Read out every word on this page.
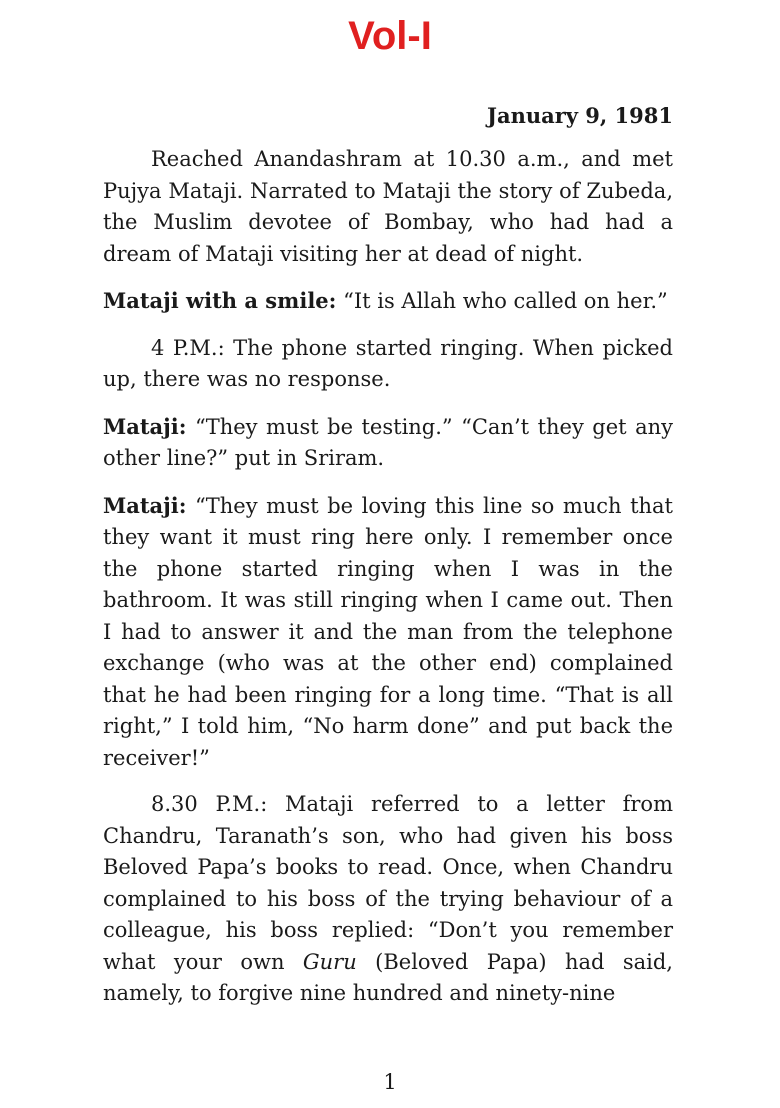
Vol-I
January 9, 1981

Reached Anandashram at 10.30 a.m., and met Pujya Mataji. Narrated to Mataji the story of Zubeda, the Muslim devotee of Bombay, who had had a dream of Mataji visiting her at dead of night.

Mataji with a smile: “It is Allah who called on her.”

4 P.M.: The phone started ringing. When picked up, there was no response.

Mataji: “They must be testing.” “Can’t they get any other line?” put in Sriram.

Mataji: “They must be loving this line so much that they want it must ring here only. I remember once the phone started ringing when I was in the bathroom. It was still ringing when I came out. Then I had to answer it and the man from the telephone exchange (who was at the other end) complained that he had been ringing for a long time. “That is all right,” I told him, “No harm done” and put back the receiver!”

8.30 P.M.: Mataji referred to a letter from Chandru, Taranath’s son, who had given his boss Beloved Papa’s books to read. Once, when Chandru complained to his boss of the trying behaviour of a colleague, his boss replied: “Don’t you remember what your own Guru (Beloved Papa) had said, namely, to forgive nine hundred and ninety-nine

1
